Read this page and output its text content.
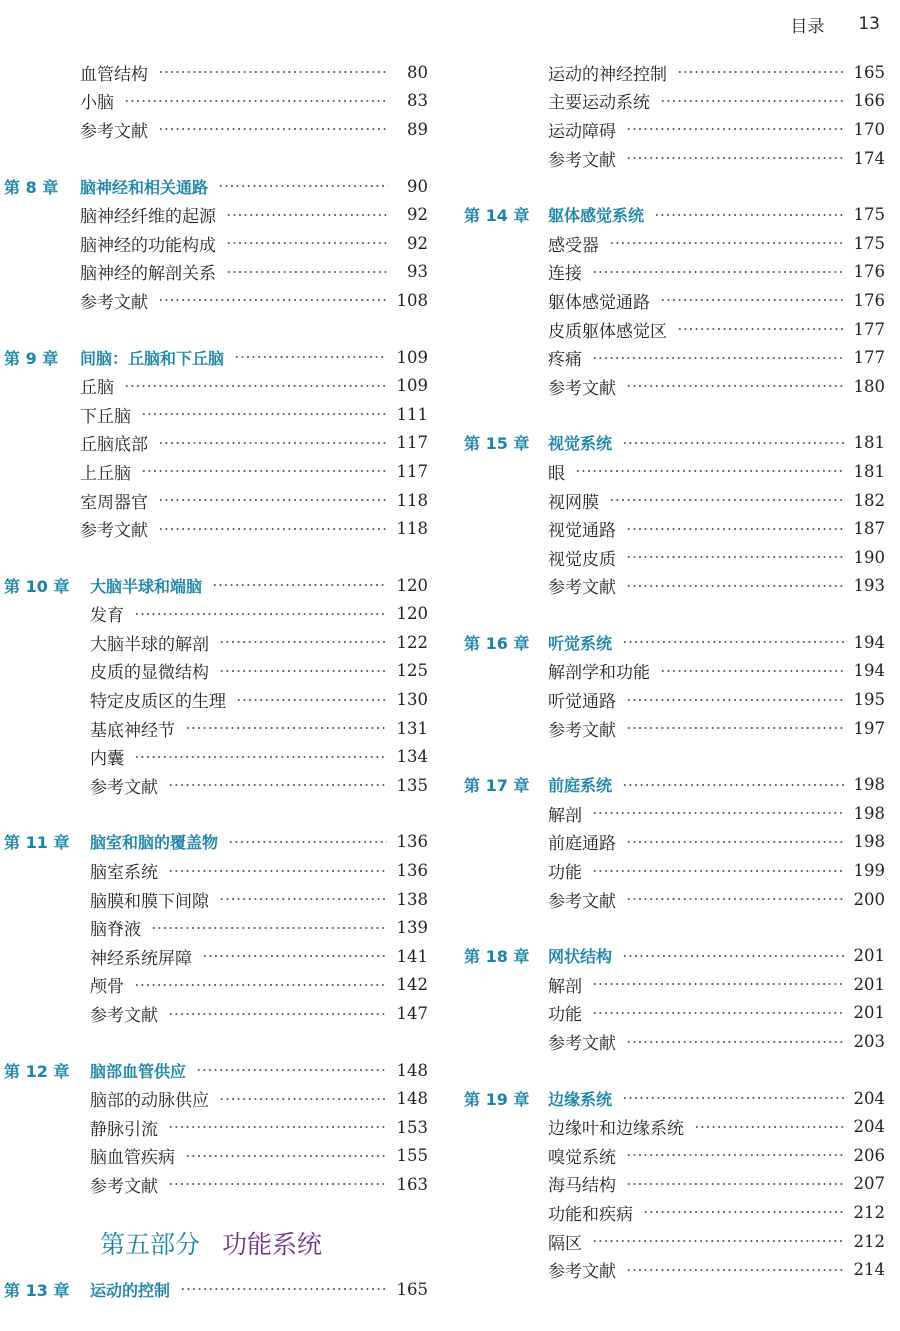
目录 13
血管结构	80
小脑	83
参考文献	89
第 8 章 脑神经和相关通路	90
脑神经纤维的起源	92
脑神经的功能构成	92
脑神经的解剖关系	93
参考文献	108
第 9 章 间脑：丘脑和下丘脑	109
丘脑	109
下丘脑	111
丘脑底部	117
上丘脑	117
室周器官	118
参考文献	118
第 10 章 大脑半球和端脑	120
发育	120
大脑半球的解剖	122
皮质的显微结构	125
特定皮质区的生理	130
基底神经节	131
内囊	134
参考文献	135
第 11 章 脑室和脑的覆盖物	136
脑室系统	136
脑膜和膜下间隙	138
脑脊液	139
神经系统屏障	141
颅骨	142
参考文献	147
第 12 章 脑部血管供应	148
脑部的动脉供应	148
静脉引流	153
脑血管疾病	155
参考文献	163
第五部分 功能系统
第 13 章 运动的控制	165
运动的神经控制	165
主要运动系统	166
运动障碍	170
参考文献	174
第 14 章 躯体感觉系统	175
感受器	175
连接	176
躯体感觉通路	176
皮质躯体感觉区	177
疼痛	177
参考文献	180
第 15 章 视觉系统	181
眼	181
视网膜	182
视觉通路	187
视觉皮质	190
参考文献	193
第 16 章 听觉系统	194
解剖学和功能	194
听觉通路	195
参考文献	197
第 17 章 前庭系统	198
解剖	198
前庭通路	198
功能	199
参考文献	200
第 18 章 网状结构	201
解剖	201
功能	201
参考文献	203
第 19 章 边缘系统	204
边缘叶和边缘系统	204
嗅觉系统	206
海马结构	207
功能和疾病	212
隔区	212
参考文献	214
